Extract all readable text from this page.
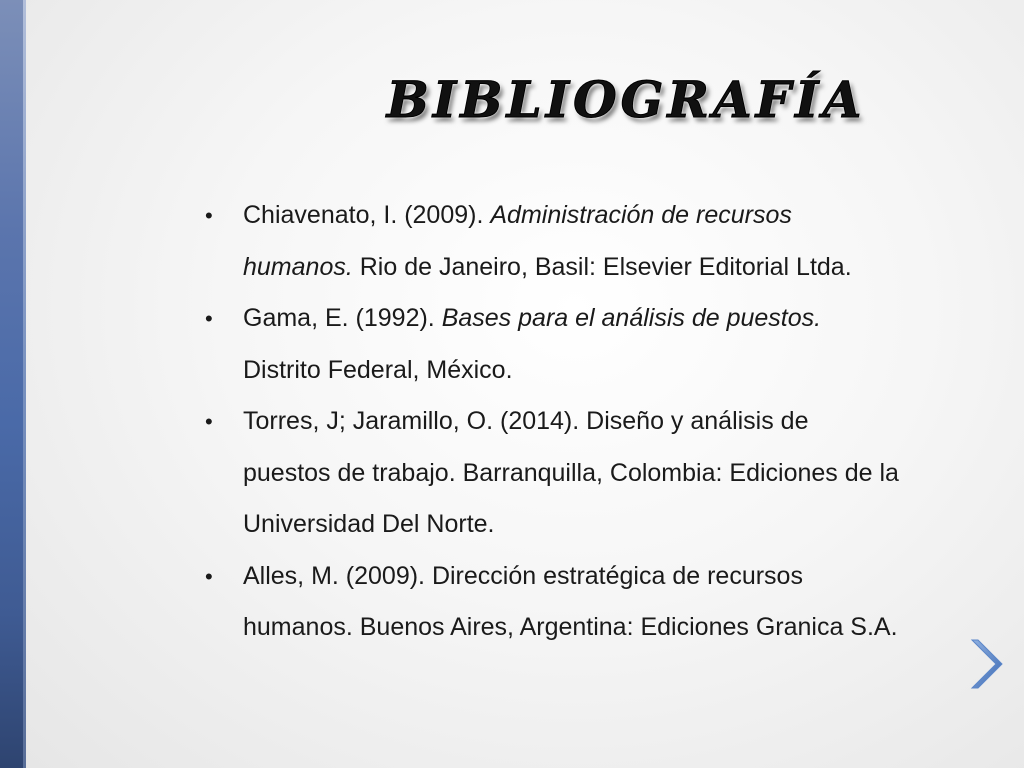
BIBLIOGRAFÍA
• Chiavenato, I. (2009). Administración de recursos humanos. Rio de Janeiro, Basil: Elsevier Editorial Ltda.
• Gama, E. (1992). Bases para el análisis de puestos. Distrito Federal, México.
• Torres, J; Jaramillo, O. (2014). Diseño y análisis de puestos de trabajo. Barranquilla, Colombia: Ediciones de la Universidad Del Norte.
• Alles, M. (2009). Dirección estratégica de recursos humanos. Buenos Aires, Argentina: Ediciones Granica S.A.
